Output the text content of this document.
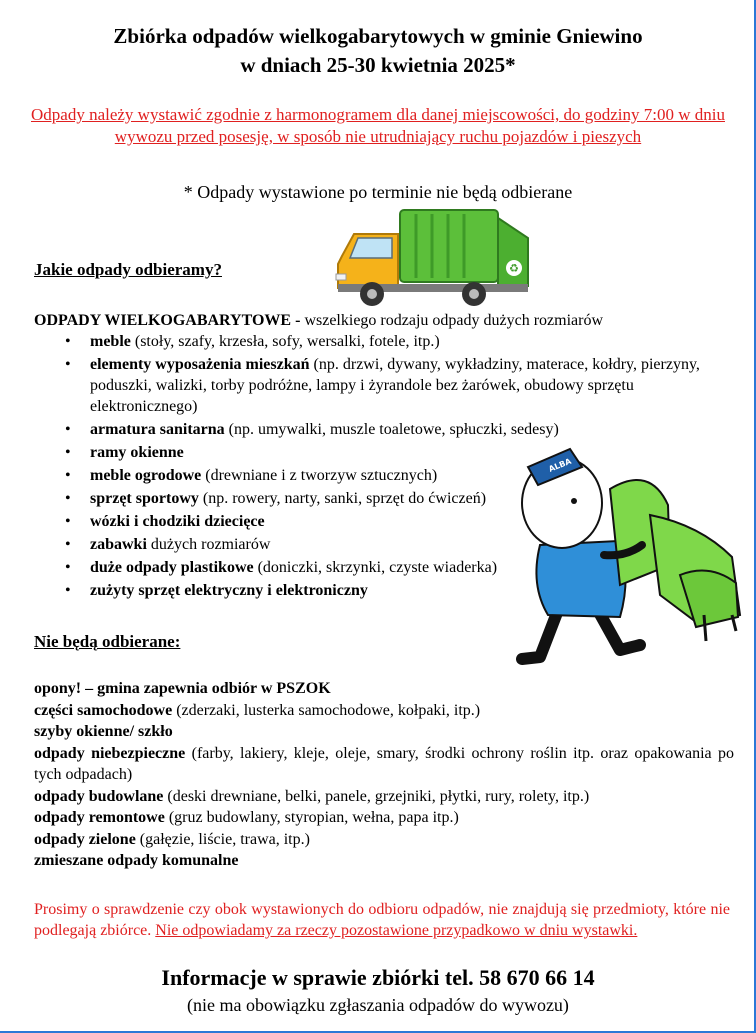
Zbiórka odpadów wielkogabarytowych w gminie Gniewino
w dniach 25-30 kwietnia 2025*
Odpady należy wystawić zgodnie z harmonogramem dla danej miejscowości, do godziny 7:00 w dniu wywozu przed posesję, w sposób nie utrudniający ruchu pojazdów i pieszych
* Odpady wystawione po terminie nie będą odbierane
♻
Jakie odpady odbieramy?
ODPADY WIELKOGABARYTOWE - wszelkiego rodzaju odpady dużych rozmiarów
• meble (stoły, szafy, krzesła, sofy, wersalki, fotele, itp.)
• elementy wyposażenia mieszkań (np. drzwi, dywany, wykładziny, materace, kołdry, pierzyny, poduszki, walizki, torby podróżne, lampy i żyrandole bez żarówek, obudowy sprzętu elektronicznego)
• armatura sanitarna (np. umywalki, muszle toaletowe, spłuczki, sedesy)
• ramy okienne
• meble ogrodowe (drewniane i z tworzyw sztucznych)
• sprzęt sportowy (np. rowery, narty, sanki, sprzęt do ćwiczeń)
• wózki i chodziki dziecięce
• zabawki dużych rozmiarów
• duże odpady plastikowe (doniczki, skrzynki, czyste wiaderka)
• zużyty sprzęt elektryczny i elektroniczny
ALBA
Nie będą odbierane:
opony! – gmina zapewnia odbiór w PSZOK
części samochodowe (zderzaki, lusterka samochodowe, kołpaki, itp.)
szyby okienne/ szkło
odpady niebezpieczne (farby, lakiery, kleje, oleje, smary, środki ochrony roślin itp. oraz opakowania po tych odpadach)
odpady budowlane (deski drewniane, belki, panele, grzejniki, płytki, rury, rolety, itp.)
odpady remontowe (gruz budowlany, styropian, wełna, papa itp.)
odpady zielone (gałęzie, liście, trawa, itp.)
zmieszane odpady komunalne
Prosimy o sprawdzenie czy obok wystawionych do odbioru odpadów, nie znajdują się przedmioty, które nie podlegają zbiórce. Nie odpowiadamy za rzeczy pozostawione przypadkowo w dniu wystawki.
Informacje w sprawie zbiórki tel. 58 670 66 14
(nie ma obowiązku zgłaszania odpadów do wywozu)
